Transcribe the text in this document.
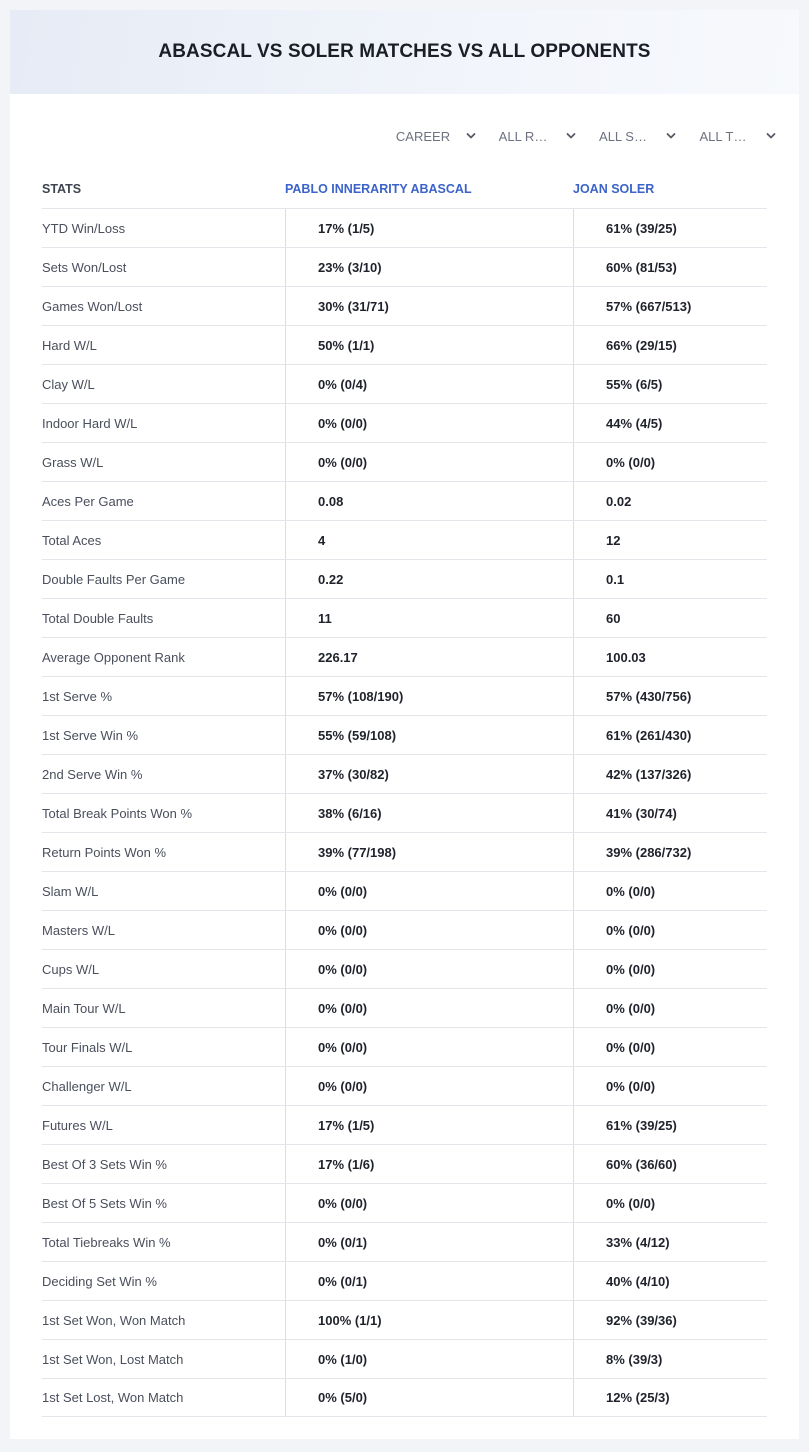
ABASCAL VS SOLER MATCHES VS ALL OPPONENTS
CAREER	ALL R…	ALL S…	ALL T…
STATS	PABLO INNERARITY ABASCAL	JOAN SOLER
YTD Win/Loss	17% (1/5)	61% (39/25)
Sets Won/Lost	23% (3/10)	60% (81/53)
Games Won/Lost	30% (31/71)	57% (667/513)
Hard W/L	50% (1/1)	66% (29/15)
Clay W/L	0% (0/4)	55% (6/5)
Indoor Hard W/L	0% (0/0)	44% (4/5)
Grass W/L	0% (0/0)	0% (0/0)
Aces Per Game	0.08	0.02
Total Aces	4	12
Double Faults Per Game	0.22	0.1
Total Double Faults	11	60
Average Opponent Rank	226.17	100.03
1st Serve %	57% (108/190)	57% (430/756)
1st Serve Win %	55% (59/108)	61% (261/430)
2nd Serve Win %	37% (30/82)	42% (137/326)
Total Break Points Won %	38% (6/16)	41% (30/74)
Return Points Won %	39% (77/198)	39% (286/732)
Slam W/L	0% (0/0)	0% (0/0)
Masters W/L	0% (0/0)	0% (0/0)
Cups W/L	0% (0/0)	0% (0/0)
Main Tour W/L	0% (0/0)	0% (0/0)
Tour Finals W/L	0% (0/0)	0% (0/0)
Challenger W/L	0% (0/0)	0% (0/0)
Futures W/L	17% (1/5)	61% (39/25)
Best Of 3 Sets Win %	17% (1/6)	60% (36/60)
Best Of 5 Sets Win %	0% (0/0)	0% (0/0)
Total Tiebreaks Win %	0% (0/1)	33% (4/12)
Deciding Set Win %	0% (0/1)	40% (4/10)
1st Set Won, Won Match	100% (1/1)	92% (39/36)
1st Set Won, Lost Match	0% (1/0)	8% (39/3)
1st Set Lost, Won Match	0% (5/0)	12% (25/3)
